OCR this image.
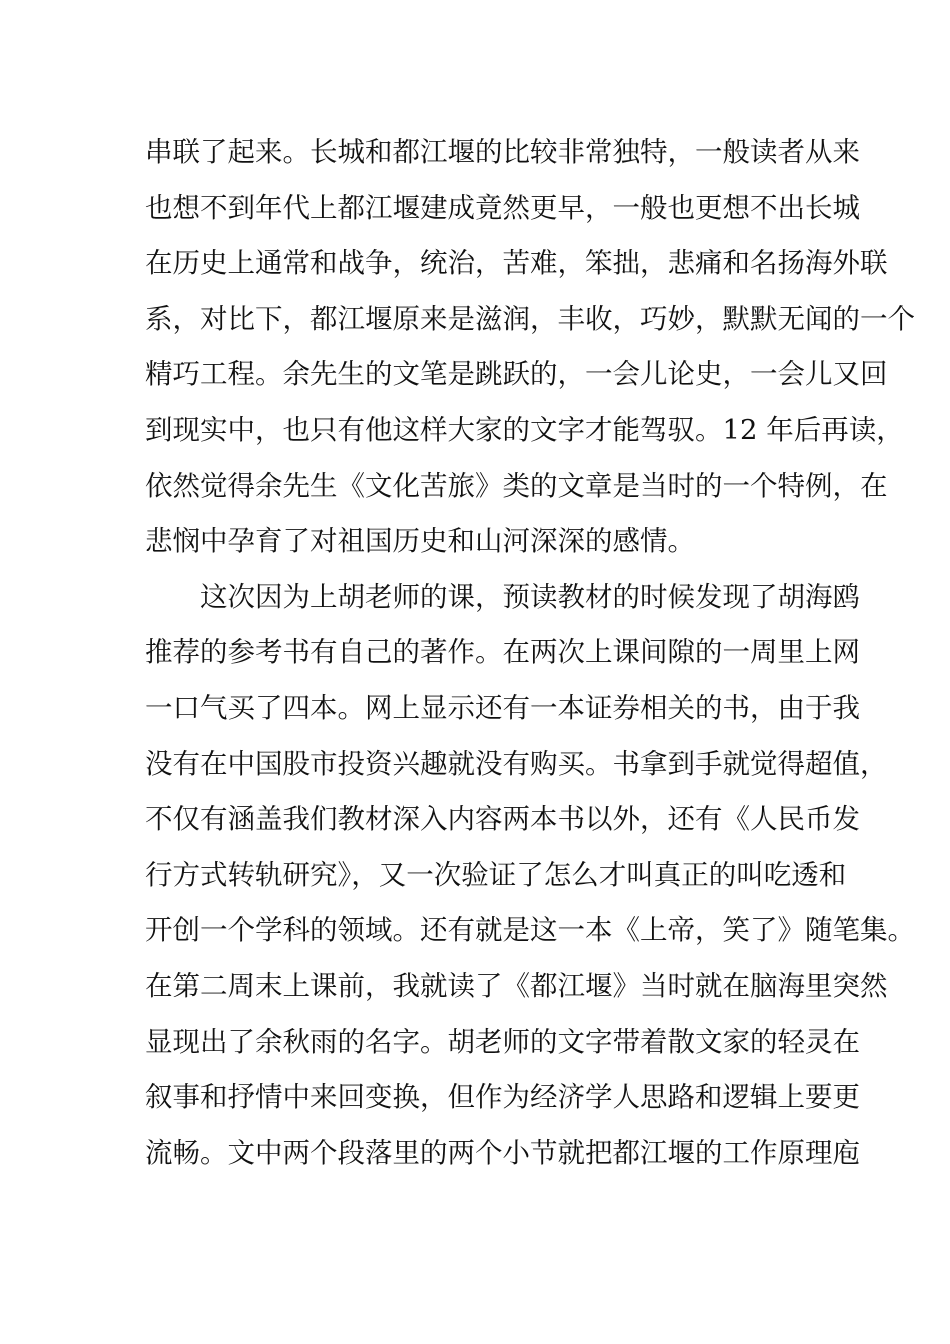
串联了起来。长城和都江堰的比较非常独特，一般读者从来
也想不到年代上都江堰建成竟然更早，一般也更想不出长城
在历史上通常和战争，统治，苦难，笨拙，悲痛和名扬海外联
系，对比下，都江堰原来是滋润，丰收，巧妙，默默无闻的一个
精巧工程。余先生的文笔是跳跃的，一会儿论史，一会儿又回
到现实中，也只有他这样大家的文字才能驾驭。12 年后再读，
依然觉得余先生《文化苦旅》类的文章是当时的一个特例，在
悲悯中孕育了对祖国历史和山河深深的感情。
这次因为上胡老师的课，预读教材的时候发现了胡海鸥
推荐的参考书有自己的著作。在两次上课间隙的一周里上网
一口气买了四本。网上显示还有一本证券相关的书，由于我
没有在中国股市投资兴趣就没有购买。书拿到手就觉得超值，
不仅有涵盖我们教材深入内容两本书以外，还有《人民币发
行方式转轨研究》，又一次验证了怎么才叫真正的叫吃透和
开创一个学科的领域。还有就是这一本《上帝，笑了》随笔集。
在第二周末上课前，我就读了《都江堰》当时就在脑海里突然
显现出了余秋雨的名字。胡老师的文字带着散文家的轻灵在
叙事和抒情中来回变换，但作为经济学人思路和逻辑上要更
流畅。文中两个段落里的两个小节就把都江堰的工作原理庖
